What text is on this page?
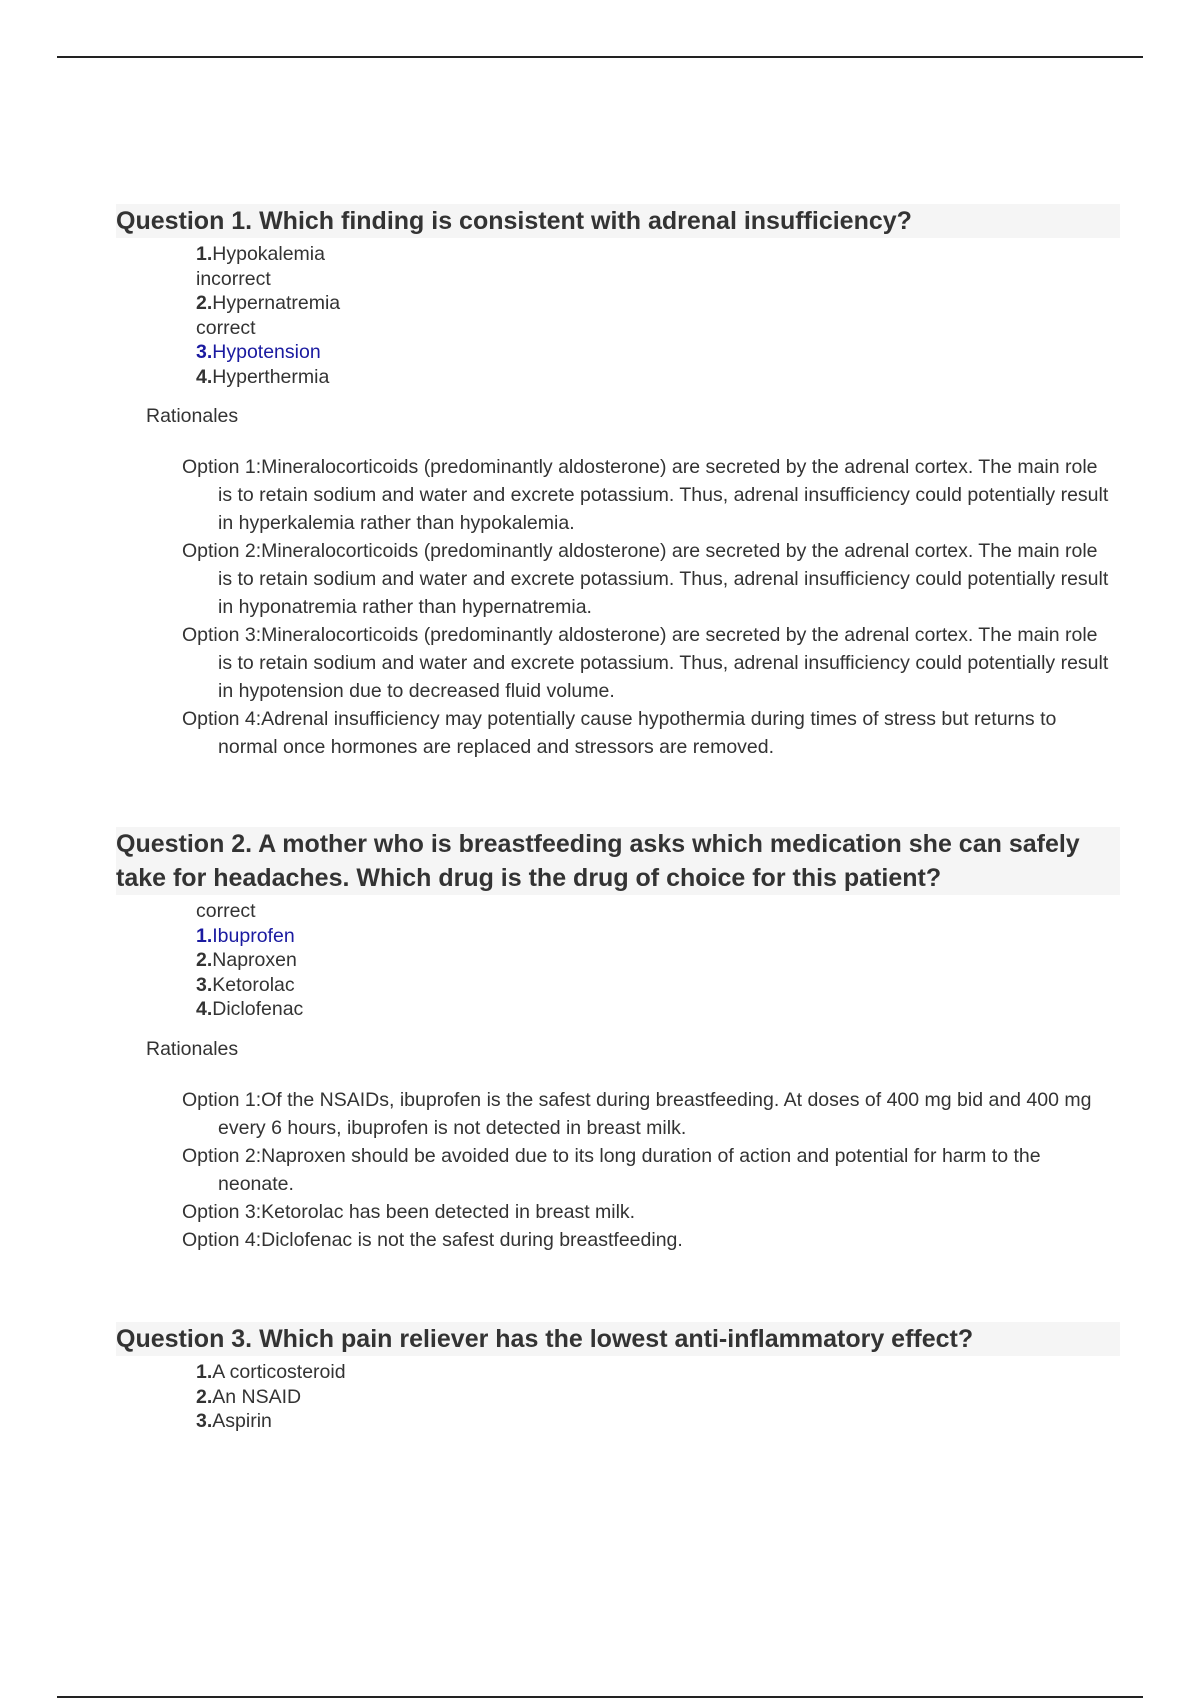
Question 1. Which finding is consistent with adrenal insufficiency?
1.Hypokalemia
incorrect
2.Hypernatremia
correct
3.Hypotension
4.Hyperthermia
Rationales

Option 1:Mineralocorticoids (predominantly aldosterone) are secreted by the adrenal cortex. The main role is to retain sodium and water and excrete potassium. Thus, adrenal insufficiency could potentially result in hyperkalemia rather than hypokalemia.

Option 2:Mineralocorticoids (predominantly aldosterone) are secreted by the adrenal cortex. The main role is to retain sodium and water and excrete potassium. Thus, adrenal insufficiency could potentially result in hyponatremia rather than hypernatremia.

Option 3:Mineralocorticoids (predominantly aldosterone) are secreted by the adrenal cortex. The main role is to retain sodium and water and excrete potassium. Thus, adrenal insufficiency could potentially result in hypotension due to decreased fluid volume.

Option 4:Adrenal insufficiency may potentially cause hypothermia during times of stress but returns to normal once hormones are replaced and stressors are removed.

Question 2. A mother who is breastfeeding asks which medication she can safely take for headaches. Which drug is the drug of choice for this patient?
correct
1.Ibuprofen
2.Naproxen
3.Ketorolac
4.Diclofenac
Rationales

Option 1:Of the NSAIDs, ibuprofen is the safest during breastfeeding. At doses of 400 mg bid and 400 mg every 6 hours, ibuprofen is not detected in breast milk.

Option 2:Naproxen should be avoided due to its long duration of action and potential for harm to the neonate.

Option 3:Ketorolac has been detected in breast milk.

Option 4:Diclofenac is not the safest during breastfeeding.

Question 3. Which pain reliever has the lowest anti-inflammatory effect?
1.A corticosteroid
2.An NSAID
3.Aspirin
